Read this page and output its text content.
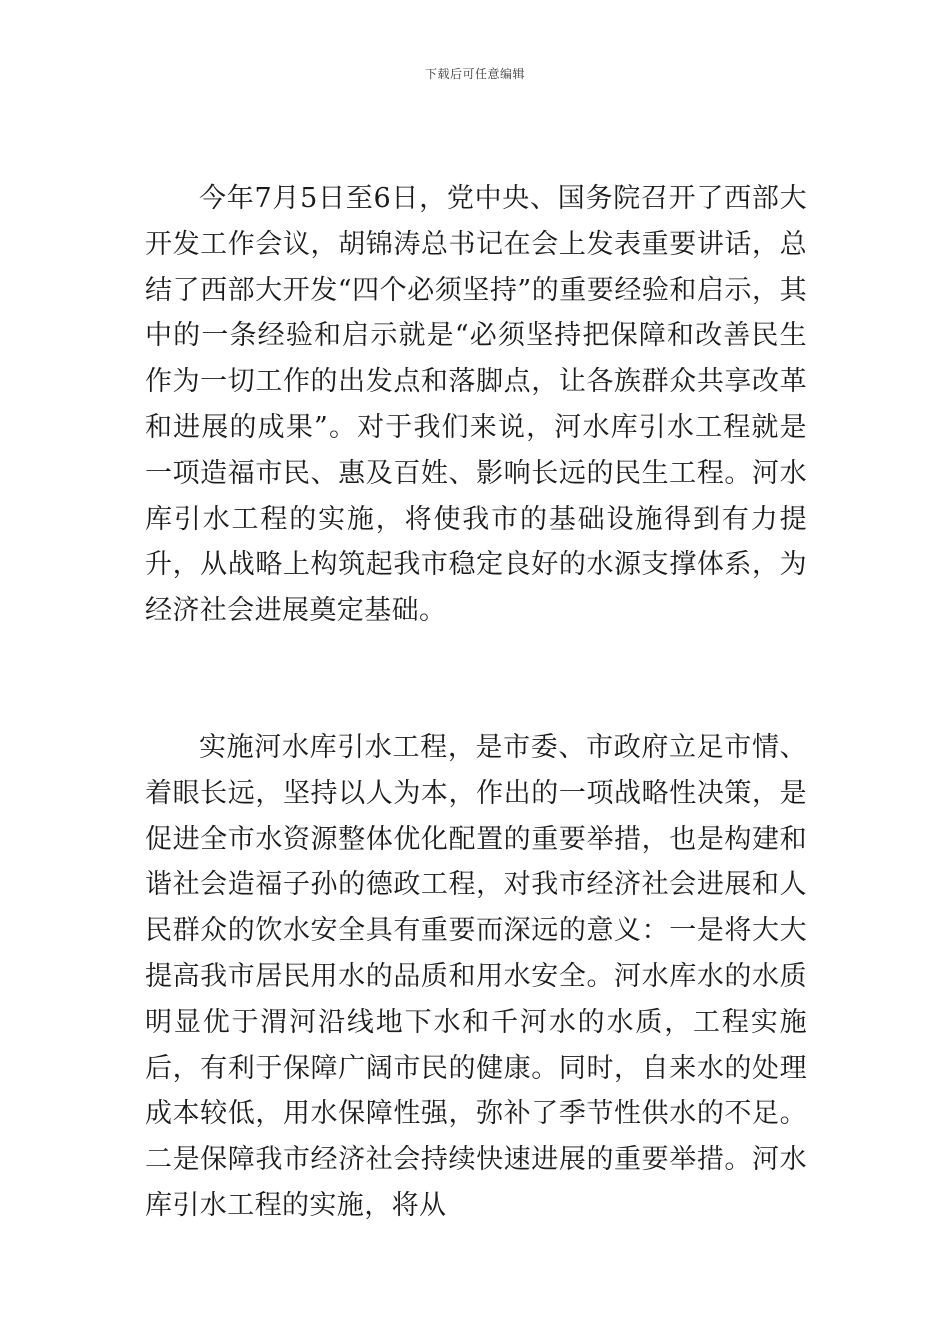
下载后可任意编辑

今年7月5日至6日，党中央、国务院召开了西部大开发工作会议，胡锦涛总书记在会上发表重要讲话，总结了西部大开发“四个必须坚持”的重要经验和启示，其中的一条经验和启示就是“必须坚持把保障和改善民生作为一切工作的出发点和落脚点，让各族群众共享改革和进展的成果”。对于我们来说，河水库引水工程就是一项造福市民、惠及百姓、影响长远的民生工程。河水库引水工程的实施，将使我市的基础设施得到有力提升，从战略上构筑起我市稳定良好的水源支撑体系，为经济社会进展奠定基础。

实施河水库引水工程，是市委、市政府立足市情、着眼长远，坚持以人为本，作出的一项战略性决策，是促进全市水资源整体优化配置的重要举措，也是构建和谐社会造福子孙的德政工程，对我市经济社会进展和人民群众的饮水安全具有重要而深远的意义：一是将大大提高我市居民用水的品质和用水安全。河水库水的水质明显优于渭河沿线地下水和千河水的水质，工程实施后，有利于保障广阔市民的健康。同时，自来水的处理成本较低，用水保障性强，弥补了季节性供水的不足。二是保障我市经济社会持续快速进展的重要举措。河水库引水工程的实施，将从
